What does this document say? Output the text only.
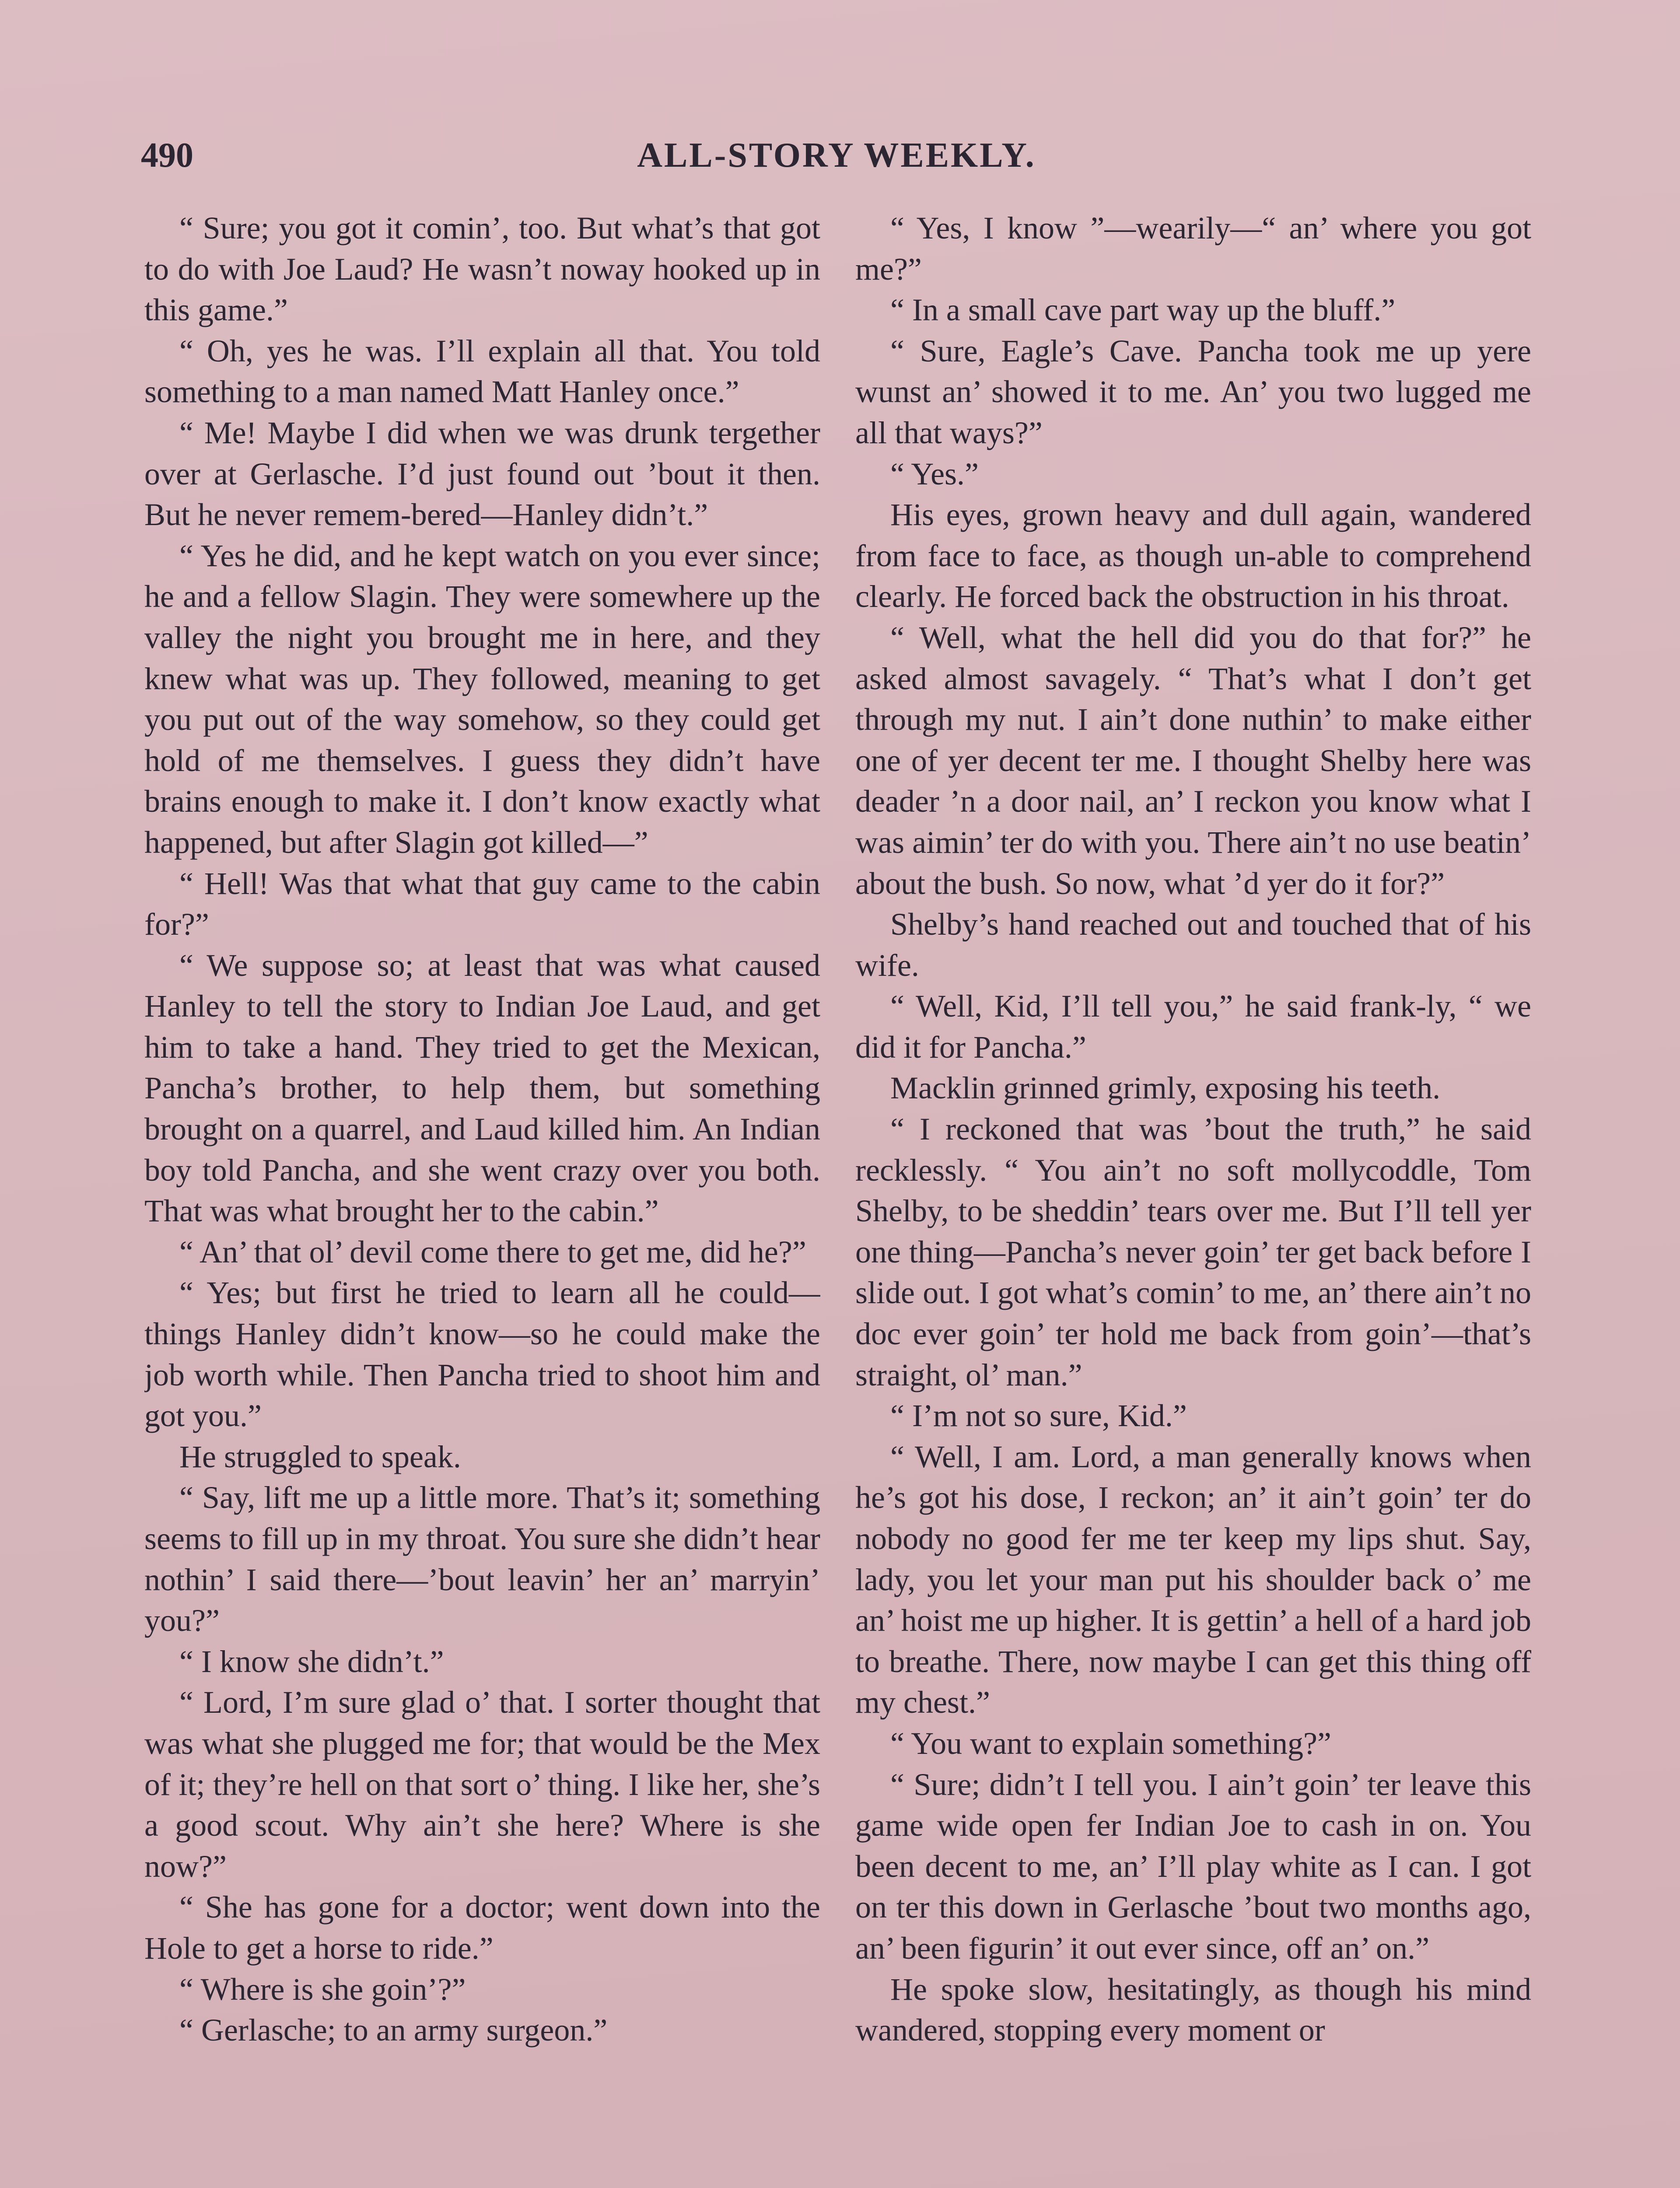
490	ALL-STORY WEEKLY.

“ Sure; you got it comin’, too. But what’s that got to do with Joe Laud? He wasn’t noway hooked up in this game.”

“ Oh, yes he was. I’ll explain all that. You told something to a man named Matt Hanley once.”

“ Me! Maybe I did when we was drunk tergether over at Gerlasche. I’d just found out ’bout it then. But he never remem-bered—Hanley didn’t.”

“ Yes he did, and he kept watch on you ever since; he and a fellow Slagin. They were somewhere up the valley the night you brought me in here, and they knew what was up. They followed, meaning to get you put out of the way somehow, so they could get hold of me themselves. I guess they didn’t have brains enough to make it. I don’t know exactly what happened, but after Slagin got killed—”

“ Hell! Was that what that guy came to the cabin for?”

“ We suppose so; at least that was what caused Hanley to tell the story to Indian Joe Laud, and get him to take a hand. They tried to get the Mexican, Pancha’s brother, to help them, but something brought on a quarrel, and Laud killed him. An Indian boy told Pancha, and she went crazy over you both. That was what brought her to the cabin.”

“ An’ that ol’ devil come there to get me, did he?”

“ Yes; but first he tried to learn all he could—things Hanley didn’t know—so he could make the job worth while. Then Pancha tried to shoot him and got you.”

He struggled to speak.

“ Say, lift me up a little more. That’s it; something seems to fill up in my throat. You sure she didn’t hear nothin’ I said there—’bout leavin’ her an’ marryin’ you?”

“ I know she didn’t.”

“ Lord, I’m sure glad o’ that. I sorter thought that was what she plugged me for; that would be the Mex of it; they’re hell on that sort o’ thing. I like her, she’s a good scout. Why ain’t she here? Where is she now?”

“ She has gone for a doctor; went down into the Hole to get a horse to ride.”

“ Where is she goin’?”

“ Gerlasche; to an army surgeon.”

“ Yes, I know ”—wearily—“ an’ where you got me?”

“ In a small cave part way up the bluff.”

“ Sure, Eagle’s Cave. Pancha took me up yere wunst an’ showed it to me. An’ you two lugged me all that ways?”

“ Yes.”

His eyes, grown heavy and dull again, wandered from face to face, as though un-able to comprehend clearly. He forced back the obstruction in his throat.

“ Well, what the hell did you do that for?” he asked almost savagely. “ That’s what I don’t get through my nut. I ain’t done nuthin’ to make either one of yer decent ter me. I thought Shelby here was deader ’n a door nail, an’ I reckon you know what I was aimin’ ter do with you. There ain’t no use beatin’ about the bush. So now, what ’d yer do it for?”

Shelby’s hand reached out and touched that of his wife.

“ Well, Kid, I’ll tell you,” he said frank-ly, “ we did it for Pancha.”

Macklin grinned grimly, exposing his teeth.

“ I reckoned that was ’bout the truth,” he said recklessly. “ You ain’t no soft mollycoddle, Tom Shelby, to be sheddin’ tears over me. But I’ll tell yer one thing—Pancha’s never goin’ ter get back before I slide out. I got what’s comin’ to me, an’ there ain’t no doc ever goin’ ter hold me back from goin’—that’s straight, ol’ man.”

“ I’m not so sure, Kid.”

“ Well, I am. Lord, a man generally knows when he’s got his dose, I reckon; an’ it ain’t goin’ ter do nobody no good fer me ter keep my lips shut. Say, lady, you let your man put his shoulder back o’ me an’ hoist me up higher. It is gettin’ a hell of a hard job to breathe. There, now maybe I can get this thing off my chest.”

“ You want to explain something?”

“ Sure; didn’t I tell you. I ain’t goin’ ter leave this game wide open fer Indian Joe to cash in on. You been decent to me, an’ I’ll play white as I can. I got on ter this down in Gerlasche ’bout two months ago, an’ been figurin’ it out ever since, off an’ on.”

He spoke slow, hesitatingly, as though his mind wandered, stopping every moment or
